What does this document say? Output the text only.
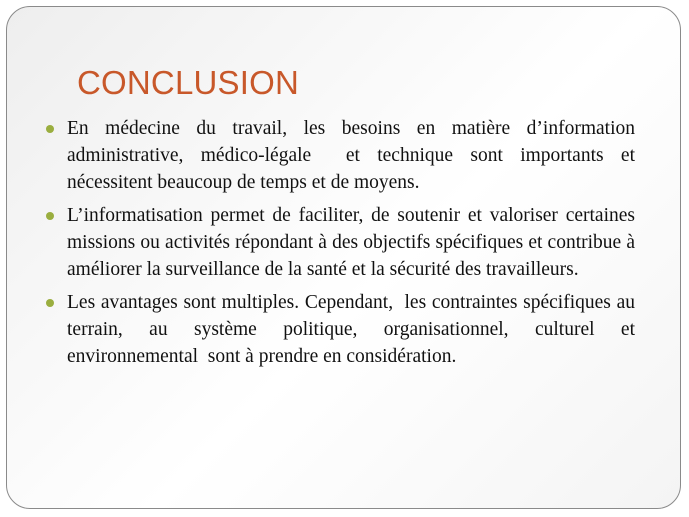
CONCLUSION
En médecine du travail, les besoins en matière d’information administrative, médico-légale  et technique sont importants et nécessitent beaucoup de temps et de moyens.
L’informatisation permet de faciliter, de soutenir et valoriser certaines missions ou activités répondant à des objectifs spécifiques et contribue à améliorer la surveillance de la santé et la sécurité des travailleurs.
Les avantages sont multiples. Cependant,  les contraintes spécifiques au terrain, au système politique, organisationnel, culturel et environnemental  sont à prendre en considération.
